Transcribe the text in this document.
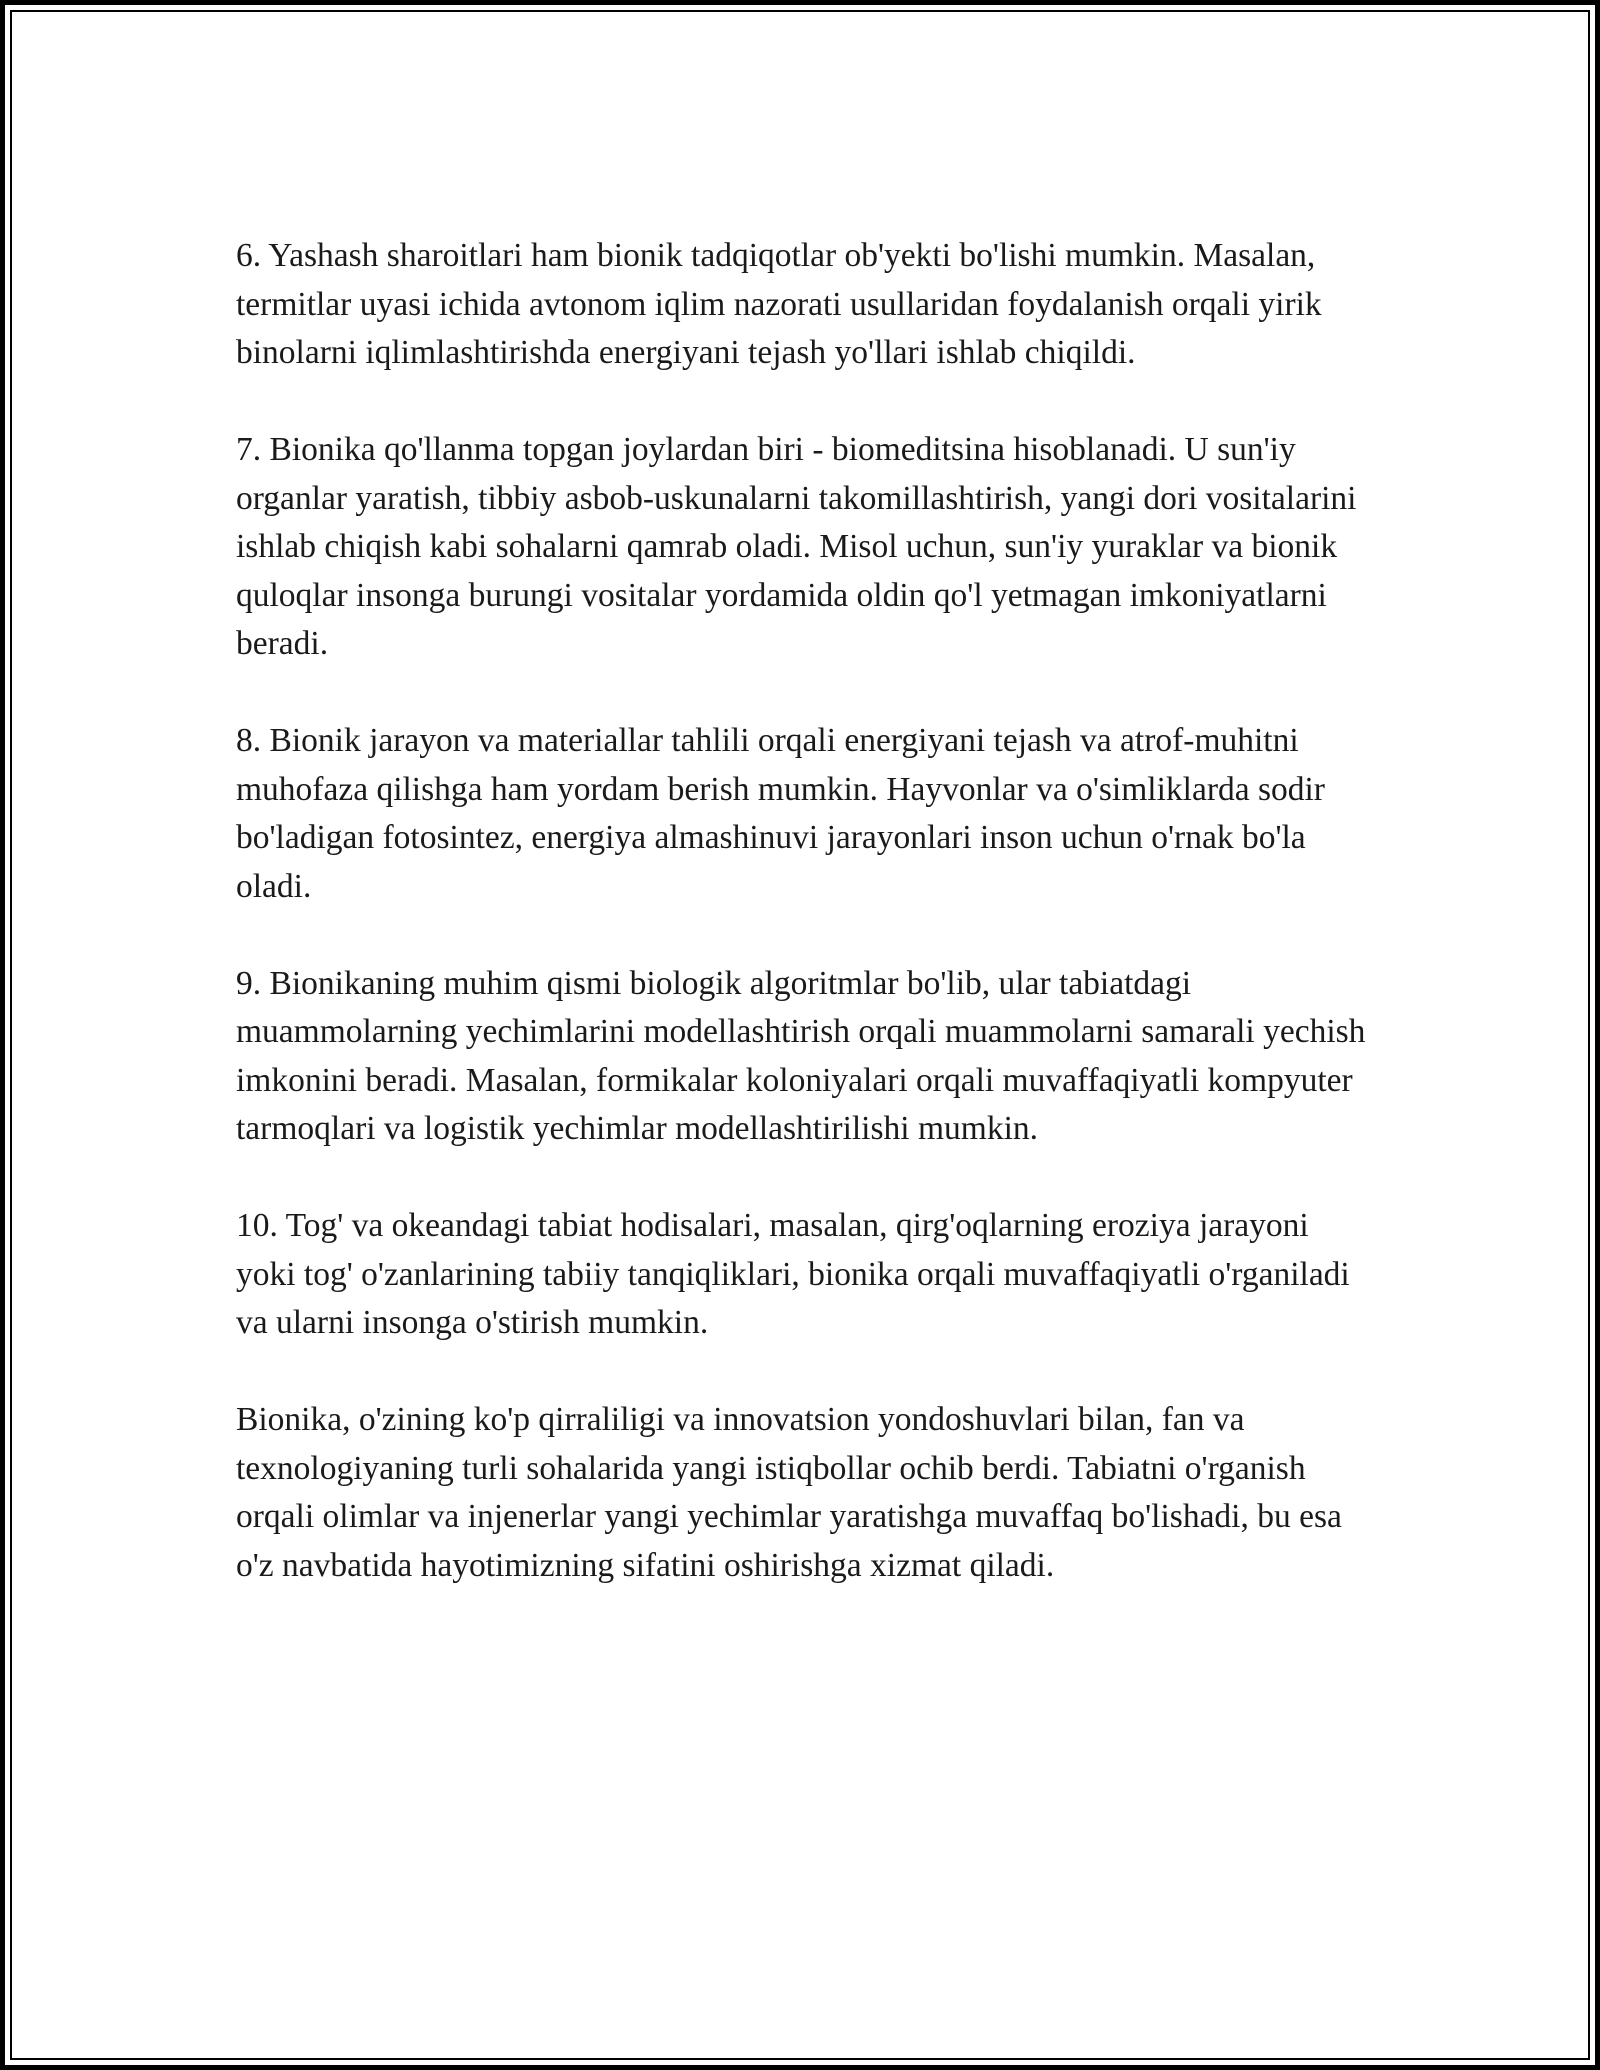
6. Yashash sharoitlari ham bionik tadqiqotlar ob'yekti bo'lishi mumkin. Masalan, termitlar uyasi ichida avtonom iqlim nazorati usullaridan foydalanish orqali yirik binolarni iqlimlashtirishda energiyani tejash yo'llari ishlab chiqildi.

7. Bionika qo'llanma topgan joylardan biri - biomeditsina hisoblanadi. U sun'iy organlar yaratish, tibbiy asbob-uskunalarni takomillashtirish, yangi dori vositalarini ishlab chiqish kabi sohalarni qamrab oladi. Misol uchun, sun'iy yuraklar va bionik quloqlar insonga burungi vositalar yordamida oldin qo'l yetmagan imkoniyatlarni beradi.

8. Bionik jarayon va materiallar tahlili orqali energiyani tejash va atrof-muhitni muhofaza qilishga ham yordam berish mumkin. Hayvonlar va o'simliklarda sodir bo'ladigan fotosintez, energiya almashinuvi jarayonlari inson uchun o'rnak bo'la oladi.

9. Bionikaning muhim qismi biologik algoritmlar bo'lib, ular tabiatdagi muammolarning yechimlarini modellashtirish orqali muammolarni samarali yechish imkonini beradi. Masalan, formikalar koloniyalari orqali muvaffaqiyatli kompyuter tarmoqlari va logistik yechimlar modellashtirilishi mumkin.

10. Tog' va okeandagi tabiat hodisalari, masalan, qirg'oqlarning eroziya jarayoni yoki tog' o'zanlarining tabiiy tanqiqliklari, bionika orqali muvaffaqiyatli o'rganiladi va ularni insonga o'stirish mumkin.

Bionika, o'zining ko'p qirraliligi va innovatsion yondoshuvlari bilan, fan va texnologiyaning turli sohalarida yangi istiqbollar ochib berdi. Tabiatni o'rganish orqali olimlar va injenerlar yangi yechimlar yaratishga muvaffaq bo'lishadi, bu esa o'z navbatida hayotimizning sifatini oshirishga xizmat qiladi.
